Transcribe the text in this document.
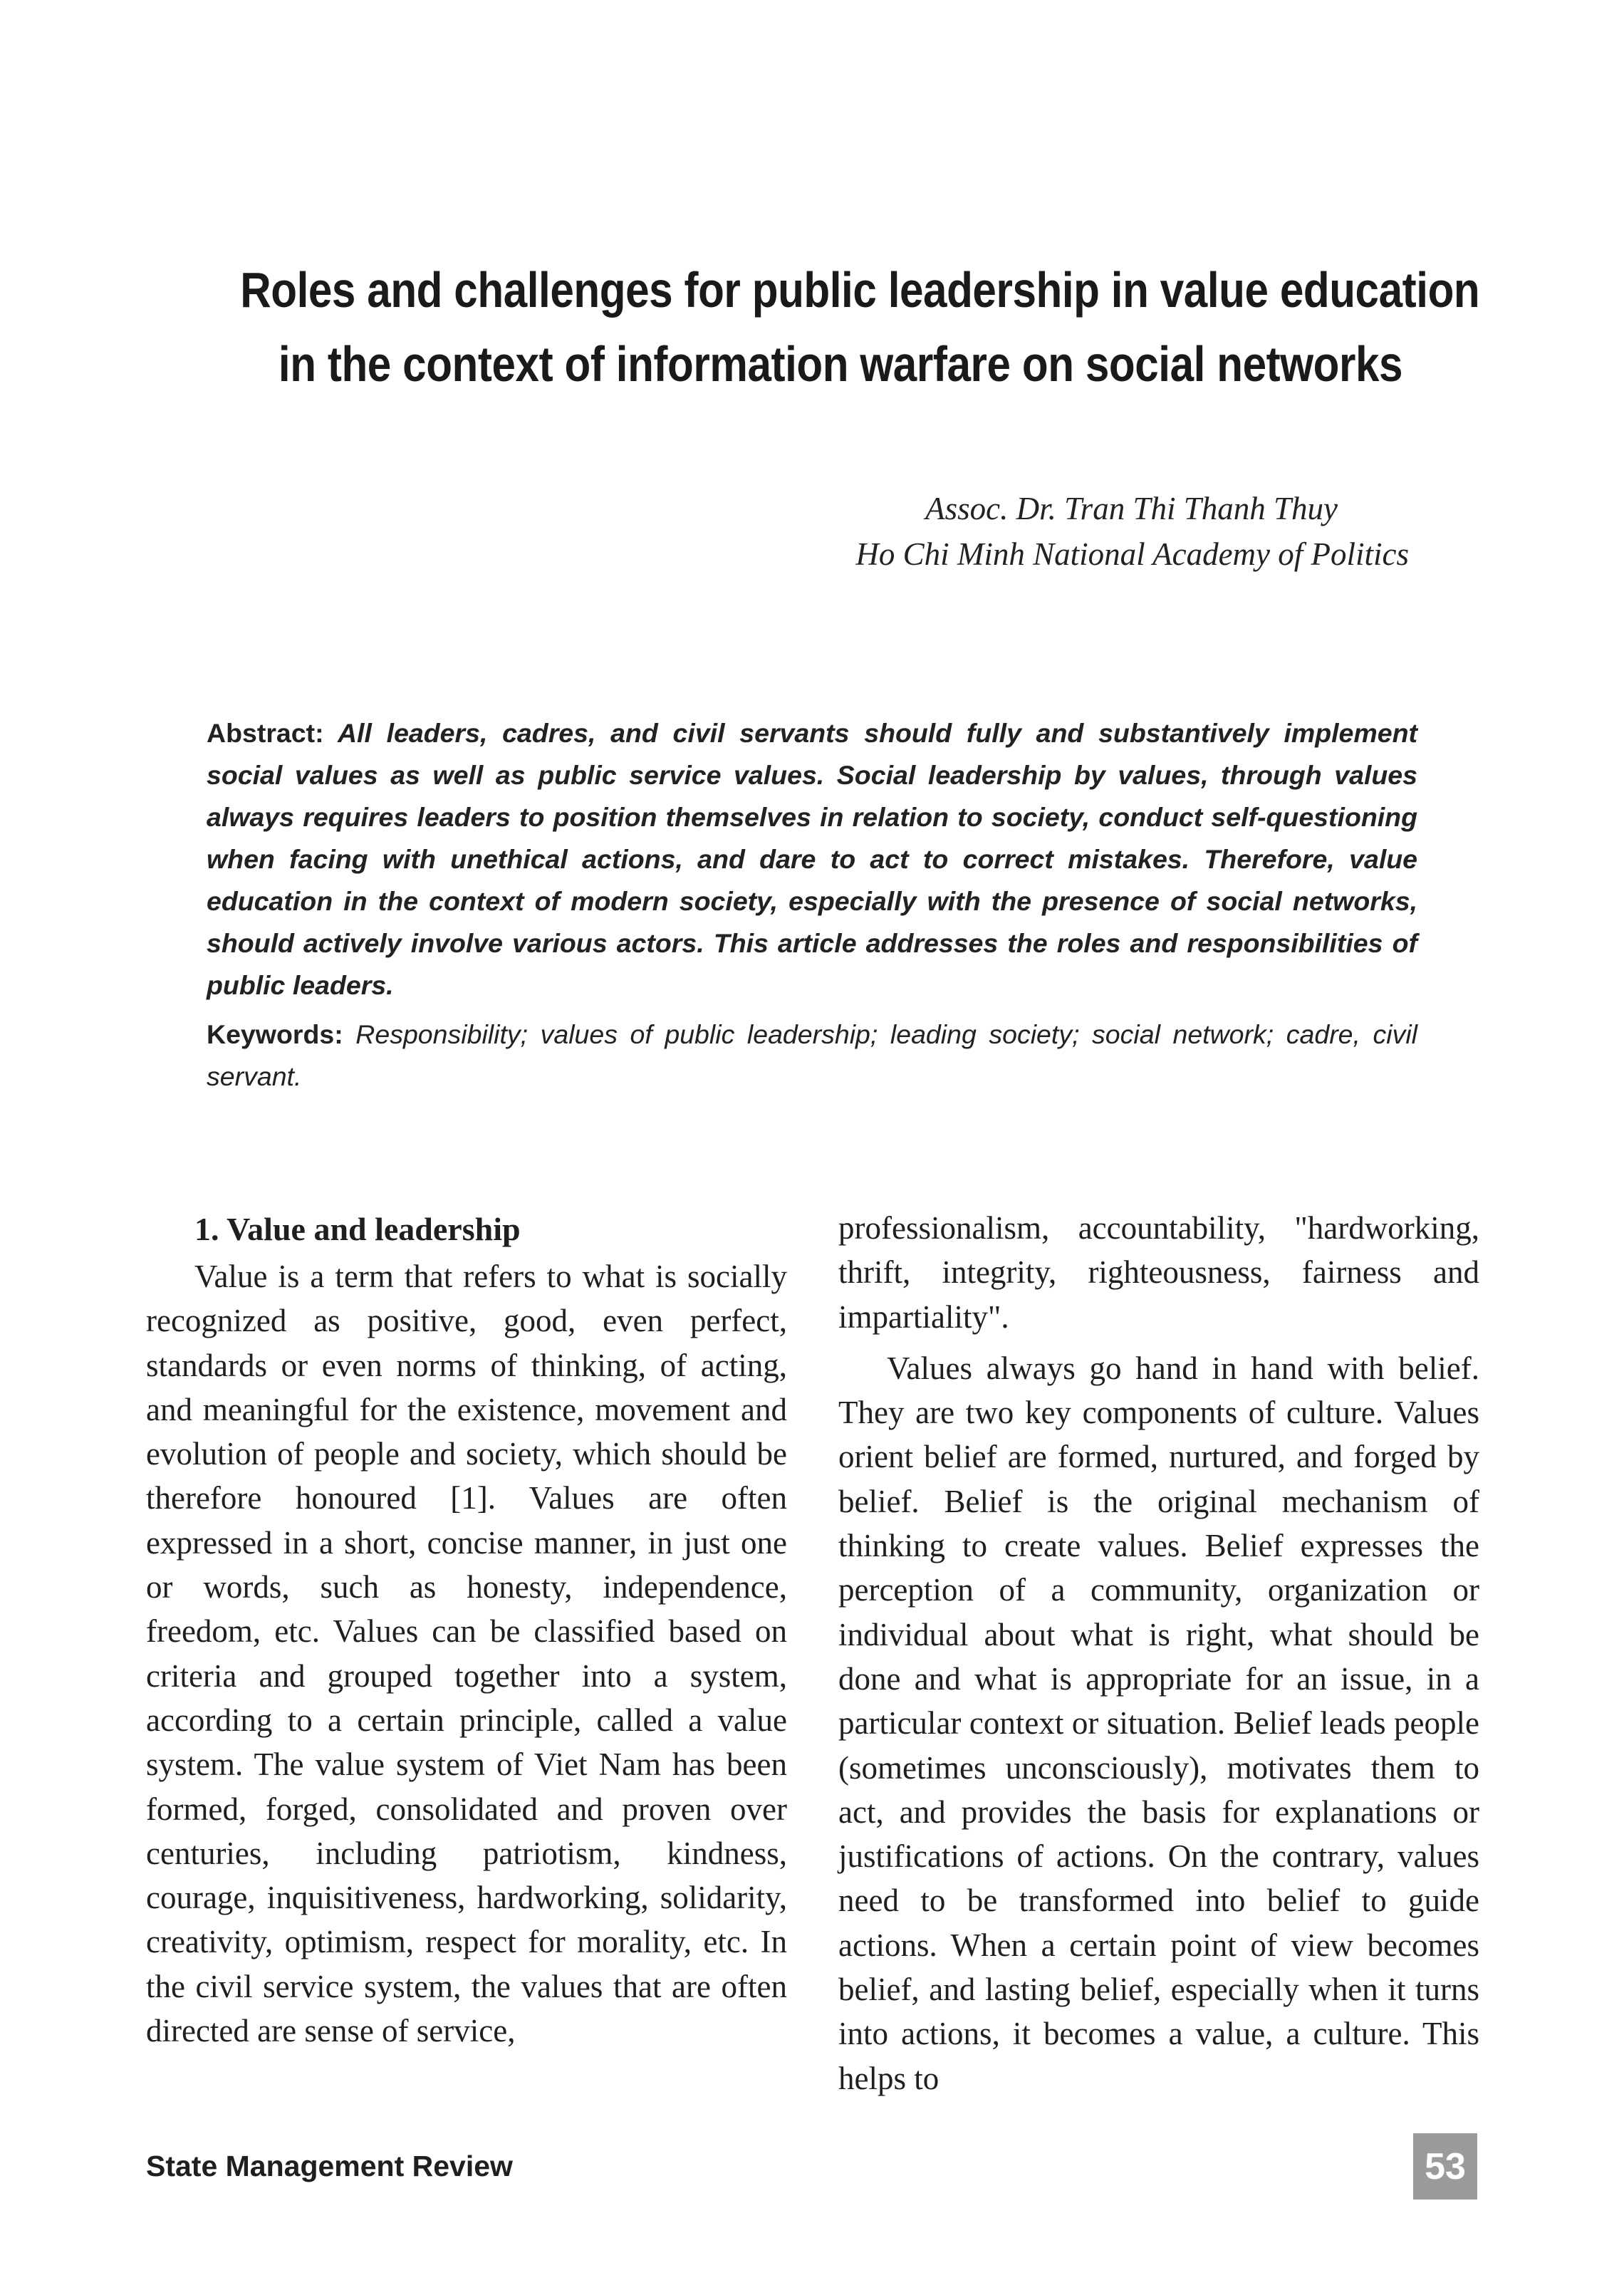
Roles and challenges for public leadership in value education
in the context of information warfare on social networks
Assoc. Dr. Tran Thi Thanh Thuy
Ho Chi Minh National Academy of Politics

Abstract: All leaders, cadres, and civil servants should fully and substantively implement social values as well as public service values. Social leadership by values, through values always requires leaders to position themselves in relation to society, conduct self-questioning when facing with unethical actions, and dare to act to correct mistakes. Therefore, value education in the context of modern society, especially with the presence of social networks, should actively involve various actors. This article addresses the roles and responsibilities of public leaders.

Keywords: Responsibility; values of public leadership; leading society; social network; cadre, civil servant.
1. Value and leadership

Value is a term that refers to what is socially recognized as positive, good, even perfect, standards or even norms of thinking, of acting, and meaningful for the existence, movement and evolution of people and society, which should be therefore honoured [1]. Values are often expressed in a short, concise manner, in just one or words, such as honesty, independence, freedom, etc. Values can be classified based on criteria and grouped together into a system, according to a certain principle, called a value system. The value system of Viet Nam has been formed, forged, consolidated and proven over centuries, including patriotism, kindness, courage, inquisitiveness, hardworking, solidarity, creativity, optimism, respect for morality, etc. In the civil service system, the values that are often directed are sense of service,

professionalism, accountability, "hardworking, thrift, integrity, righteousness, fairness and impartiality".

Values always go hand in hand with belief. They are two key components of culture. Values orient belief are formed, nurtured, and forged by belief. Belief is the original mechanism of thinking to create values. Belief expresses the perception of a community, organization or individual about what is right, what should be done and what is appropriate for an issue, in a particular context or situation. Belief leads people (sometimes unconsciously), motivates them to act, and provides the basis for explanations or justifications of actions. On the contrary, values need to be transformed into belief to guide actions. When a certain point of view becomes belief, and lasting belief, especially when it turns into actions, it becomes a value, a culture. This helps to

State Management Review	53
